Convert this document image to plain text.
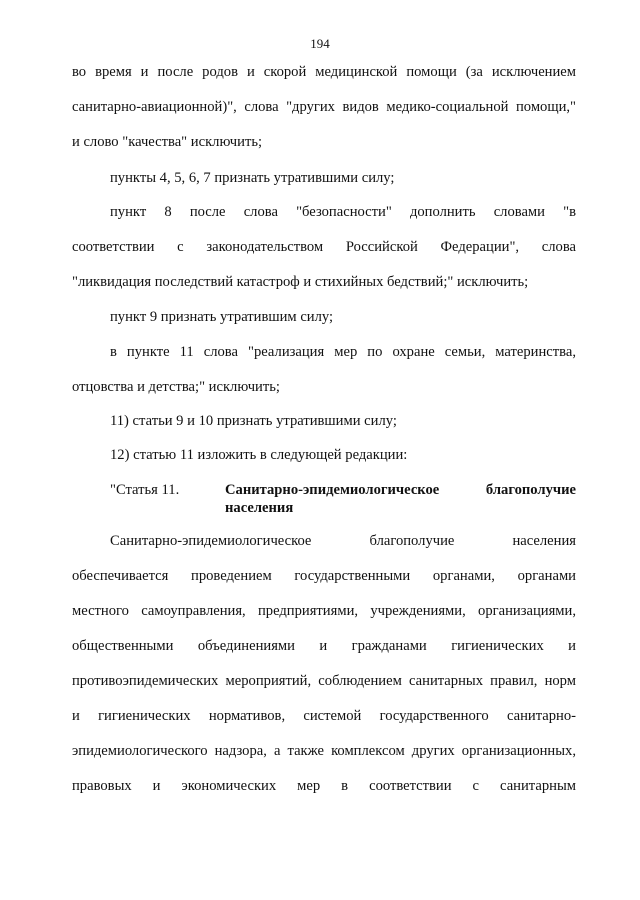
194
во время и после родов и скорой медицинской помощи (за исключением
санитарно-авиационной)", слова "других видов медико-социальной помощи,"
и слово "качества" исключить;
пункты 4, 5, 6, 7 признать утратившими силу;
пункт 8 после слова "безопасности" дополнить словами "в
соответствии с законодательством Российской Федерации", слова
"ликвидация последствий катастроф и стихийных бедствий;" исключить;
пункт 9 признать утратившим силу;
в пункте 11 слова "реализация мер по охране семьи, материнства,
отцовства и детства;" исключить;
11) статьи 9 и 10 признать утратившими силу;
12) статью 11 изложить в следующей редакции:
"Статья 11.	Санитарно-эпидемиологическое благополучие
населения
Санитарно-эпидемиологическое благополучие населения
обеспечивается проведением государственными органами, органами
местного самоуправления, предприятиями, учреждениями, организациями,
общественными объединениями и гражданами гигиенических и
противоэпидемических мероприятий, соблюдением санитарных правил, норм
и гигиенических нормативов, системой государственного санитарно-
эпидемиологического надзора, а также комплексом других организационных,
правовых и экономических мер в соответствии с санитарным
